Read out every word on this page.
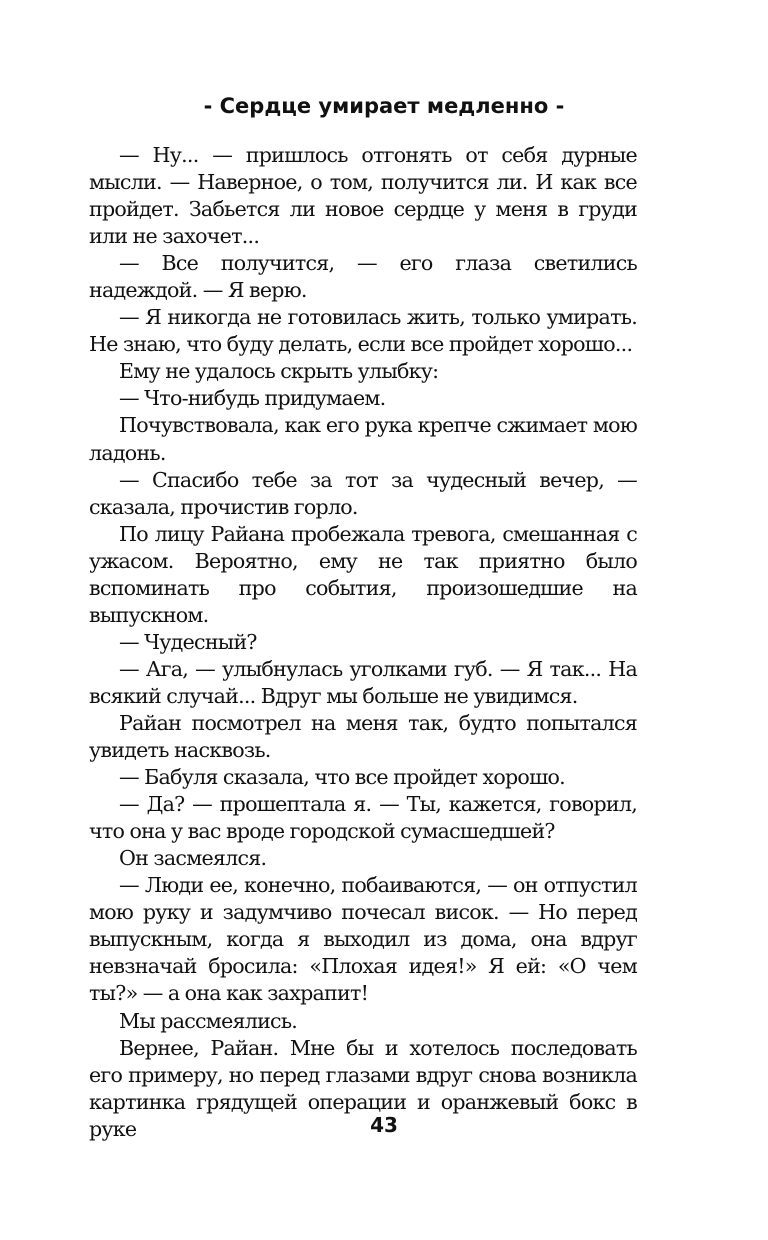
- Сердце умирает медленно -

— Ну... — пришлось отгонять от себя дурные мысли. — Наверное, о том, получится ли. И как все пройдет. Забьется ли новое сердце у меня в груди или не захочет...

— Все получится, — его глаза светились надеждой. — Я верю.

— Я никогда не готовилась жить, только умирать. Не знаю, что буду делать, если все пройдет хорошо...

Ему не удалось скрыть улыбку:

— Что-нибудь придумаем.

Почувствовала, как его рука крепче сжимает мою ладонь.

— Спасибо тебе за тот за чудесный вечер, — сказала, прочистив горло.

По лицу Райана пробежала тревога, смешанная с ужасом. Вероятно, ему не так приятно было вспоминать про события, произошедшие на выпускном.

— Чудесный?

— Ага, — улыбнулась уголками губ. — Я так... На всякий случай... Вдруг мы больше не увидимся.

Райан посмотрел на меня так, будто попытался увидеть насквозь.

— Бабуля сказала, что все пройдет хорошо.

— Да? — прошептала я. — Ты, кажется, говорил, что она у вас вроде городской сумасшедшей?

Он засмеялся.

— Люди ее, конечно, побаиваются, — он отпустил мою руку и задумчиво почесал висок. — Но перед выпускным, когда я выходил из дома, она вдруг невзначай бросила: «Плохая идея!» Я ей: «О чем ты?» — а она как захрапит!

Мы рассмеялись.

Вернее, Райан. Мне бы и хотелось последовать его примеру, но перед глазами вдруг снова возникла картинка грядущей операции и оранжевый бокс в руке	43
